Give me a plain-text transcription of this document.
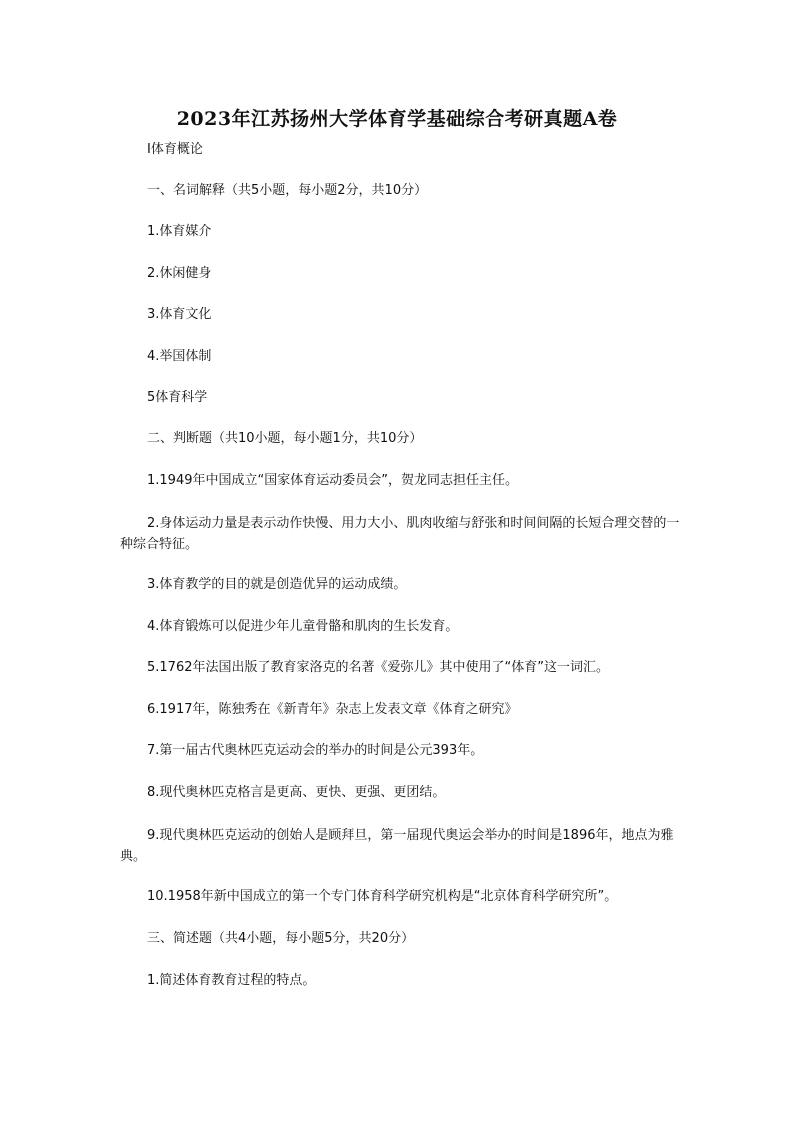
2023年江苏扬州大学体育学基础综合考研真题A卷

Ⅰ体育概论

一、名词解释（共5小题，每小题2分，共10分）

1.体育媒介

2.休闲健身

3.体育文化

4.举国体制

5体育科学

二、判断题（共10小题，每小题1分，共10分）

1.1949年中国成立“国家体育运动委员会”，贺龙同志担任主任。

2.身体运动力量是表示动作快慢、用力大小、肌肉收缩与舒张和时间间隔的长短合理交替的一种综合特征。

3.体育教学的目的就是创造优异的运动成绩。

4.体育锻炼可以促进少年儿童骨骼和肌肉的生长发育。

5.1762年法国出版了教育家洛克的名著《爱弥儿》其中使用了“体育”这一词汇。

6.1917年，陈独秀在《新青年》杂志上发表文章《体育之研究》

7.第一届古代奥林匹克运动会的举办的时间是公元393年。

8.现代奥林匹克格言是更高、更快、更强、更团结。

9.现代奥林匹克运动的创始人是顾拜旦，第一届现代奥运会举办的时间是1896年，地点为雅典。

10.1958年新中国成立的第一个专门体育科学研究机构是“北京体育科学研究所”。

三、简述题（共4小题，每小题5分，共20分）

1.简述体育教育过程的特点。
